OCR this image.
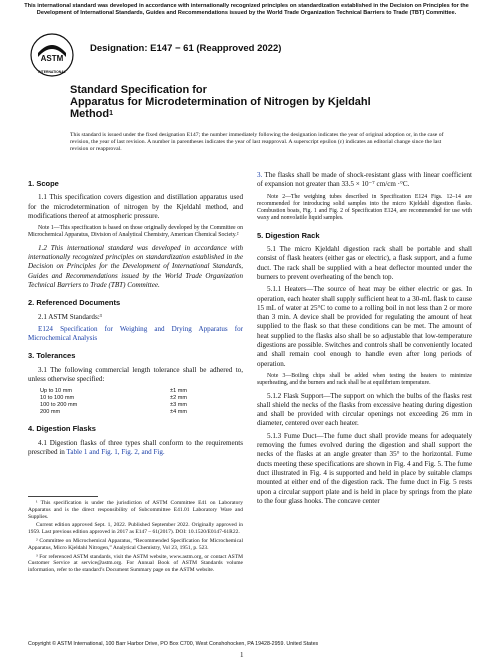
This international standard was developed in accordance with internationally recognized principles on standardization established in the Decision on Principles for the Development of International Standards, Guides and Recommendations issued by the World Trade Organization Technical Barriers to Trade (TBT) Committee.
ASTM
INTERNATIONAL
Designation: E147 − 61 (Reapproved 2022)
Standard Specification for
Apparatus for Microdetermination of Nitrogen by Kjeldahl
Method$^1$
This standard is issued under the fixed designation E147; the number immediately following the designation indicates the year of original adoption or, in the case of revision, the year of last revision. A number in parentheses indicates the year of last reapproval. A superscript epsilon (ε) indicates an editorial change since the last revision or reapproval.
1. Scope

1.1 This specification covers digestion and distillation apparatus used for the microdetermination of nitrogen by the Kjeldahl method, and modifications thereof at atmospheric pressure.

Note 1—This specification is based on those originally developed by the Committee on Microchemical Apparatus, Division of Analytical Chemistry, American Chemical Society.²

1.2 This international standard was developed in accordance with internationally recognized principles on standardization established in the Decision on Principles for the Development of International Standards, Guides and Recommendations issued by the World Trade Organization Technical Barriers to Trade (TBT) Committee.

2. Referenced Documents

2.1 ASTM Standards:³

E124 Specification for Weighing and Drying Apparatus for Microchemical Analysis

3. Tolerances

3.1 The following commercial length tolerance shall be adhered to, unless otherwise specified:

Up to 10 mm	±1 mm
10 to 100 mm	±2 mm
100 to 200 mm	±3 mm
200 mm	±4 mm
4. Digestion Flasks

4.1 Digestion flasks of three types shall conform to the requirements prescribed in Table 1 and Fig. 1, Fig. 2, and Fig.

¹ This specification is under the jurisdiction of ASTM Committee E41 on Laboratory Apparatus and is the direct responsibility of Subcommittee E41.01 Laboratory Ware and Supplies.

Current edition approved Sept. 1, 2022. Published September 2022. Originally approved in 1959. Last previous edition approved in 2017 as E147 – 61(2017). DOI: 10.1520/E0147-61R22.

² Committee on Microchemical Apparatus, “Recommended Specification for Microchemical Apparatus, Micro Kjeldahl Nitrogen,” Analytical Chemistry, Vol 23, 1951, p. 523.

³ For referenced ASTM standards, visit the ASTM website, www.astm.org, or contact ASTM Customer Service at service@astm.org. For Annual Book of ASTM Standards volume information, refer to the standard’s Document Summary page on the ASTM website.

3. The flasks shall be made of shock-resistant glass with linear coefficient of expansion not greater than 33.5 × 10⁻⁷ cm/cm ·°C.

Note 2—The weighing tubes described in Specification E124 Figs. 12–14 are recommended for introducing solid samples into the micro Kjeldahl digestion flasks. Combustion boats, Fig. 1 and Fig. 2 of Specification E124, are recommended for use with waxy and nonvolatile liquid samples.

5. Digestion Rack

5.1 The micro Kjeldahl digestion rack shall be portable and shall consist of flask heaters (either gas or electric), a flask support, and a fume duct. The rack shall be supplied with a heat deflector mounted under the burners to prevent overheating of the bench top.

5.1.1 Heaters—The source of heat may be either electric or gas. In operation, each heater shall supply sufficient heat to a 30-mL flask to cause 15 mL of water at 25°C to come to a rolling boil in not less than 2 or more than 3 min. A device shall be provided for regulating the amount of heat supplied to the flask so that these conditions can be met. The amount of heat supplied to the flasks also shall be so adjustable that low-temperature digestions are possible. Switches and controls shall be conveniently located and shall remain cool enough to handle even after long periods of operation.

Note 3—Boiling chips shall be added when testing the heaters to minimize superheating, and the burners and rack shall be at equilibrium temperature.

5.1.2 Flask Support—The support on which the bulbs of the flasks rest shall shield the necks of the flasks from excessive heating during digestion and shall be provided with circular openings not exceeding 26 mm in diameter, centered over each heater.

5.1.3 Fume Duct—The fume duct shall provide means for adequately removing the fumes evolved during the digestion and shall support the necks of the flasks at an angle greater than 35° to the horizontal. Fume ducts meeting these specifications are shown in Fig. 4 and Fig. 5. The fume duct illustrated in Fig. 4 is supported and held in place by suitable clamps mounted at either end of the digestion rack. The fume duct in Fig. 5 rests upon a circular support plate and is held in place by springs from the plate to the four glass hooks. The concave center

Copyright © ASTM International, 100 Barr Harbor Drive, PO Box C700, West Conshohocken, PA 19428-2959. United States
1
